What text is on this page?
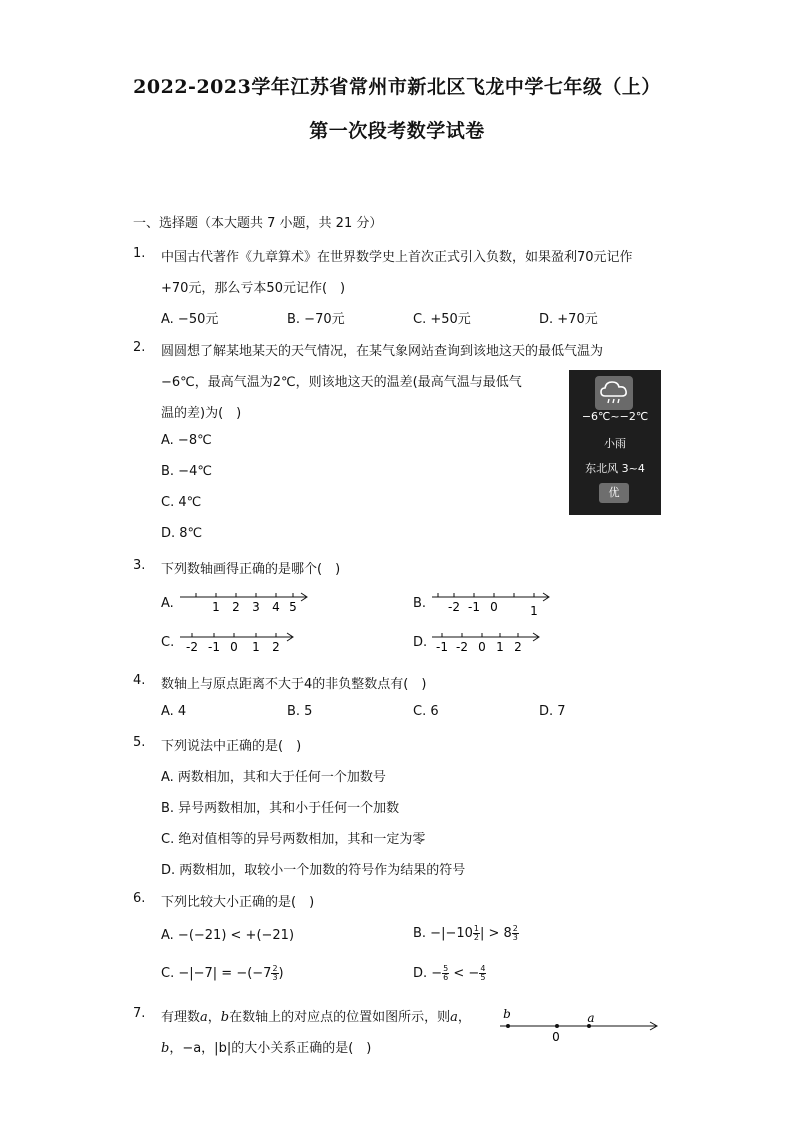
2022-2023学年江苏省常州市新北区飞龙中学七年级（上）
第一次段考数学试卷
一、选择题（本大题共 7 小题，共 21 分）
1. 中国古代著作《九章算术》在世界数学史上首次正式引入负数，如果盈利70元记作
+70元，那么亏本50元记作(　)
A. −50元	B. −70元	C. +50元	D. +70元
2. 圆圆想了解某地某天的天气情况，在某气象网站查询到该地这天的最低气温为
−6℃，最高气温为2℃，则该地这天的温差(最高气温与最低气
温的差)为(　)
A. −8℃
B. −4℃
C. 4℃
D. 8℃
−6℃~−2℃
小雨
东北风 3~4
优
3. 下列数轴画得正确的是哪个(　)
A.	1 2 3 4 5	B. -2 -1 0	1
C. -2 -1 0 1 2	D. -1 -2 0 1 2
4. 数轴上与原点距离不大于4的非负整数点有(　)
A. 4	B. 5	C. 6	D. 7
5. 下列说法中正确的是(　)
A. 两数相加，其和大于任何一个加数号
B. 异号两数相加，其和小于任何一个加数
C. 绝对值相等的异号两数相加，其和一定为零
D. 两数相加，取较小一个加数的符号作为结果的符号
6. 下列比较大小正确的是(　)
A. −(−21) < +(−21)	B. $-|-10 \frac{1}{2}$ | > $8 \frac{2}{3}$
C. $-|-7| = -(-7 \frac{2}{3}$ )	D. − $\frac{5}{6}$ < − $\frac{4}{5}$
7. 有理数a，b在数轴上的对应点的位置如图所示，则a，
b，−a，|b|的大小关系正确的是(　)
b	a
0
